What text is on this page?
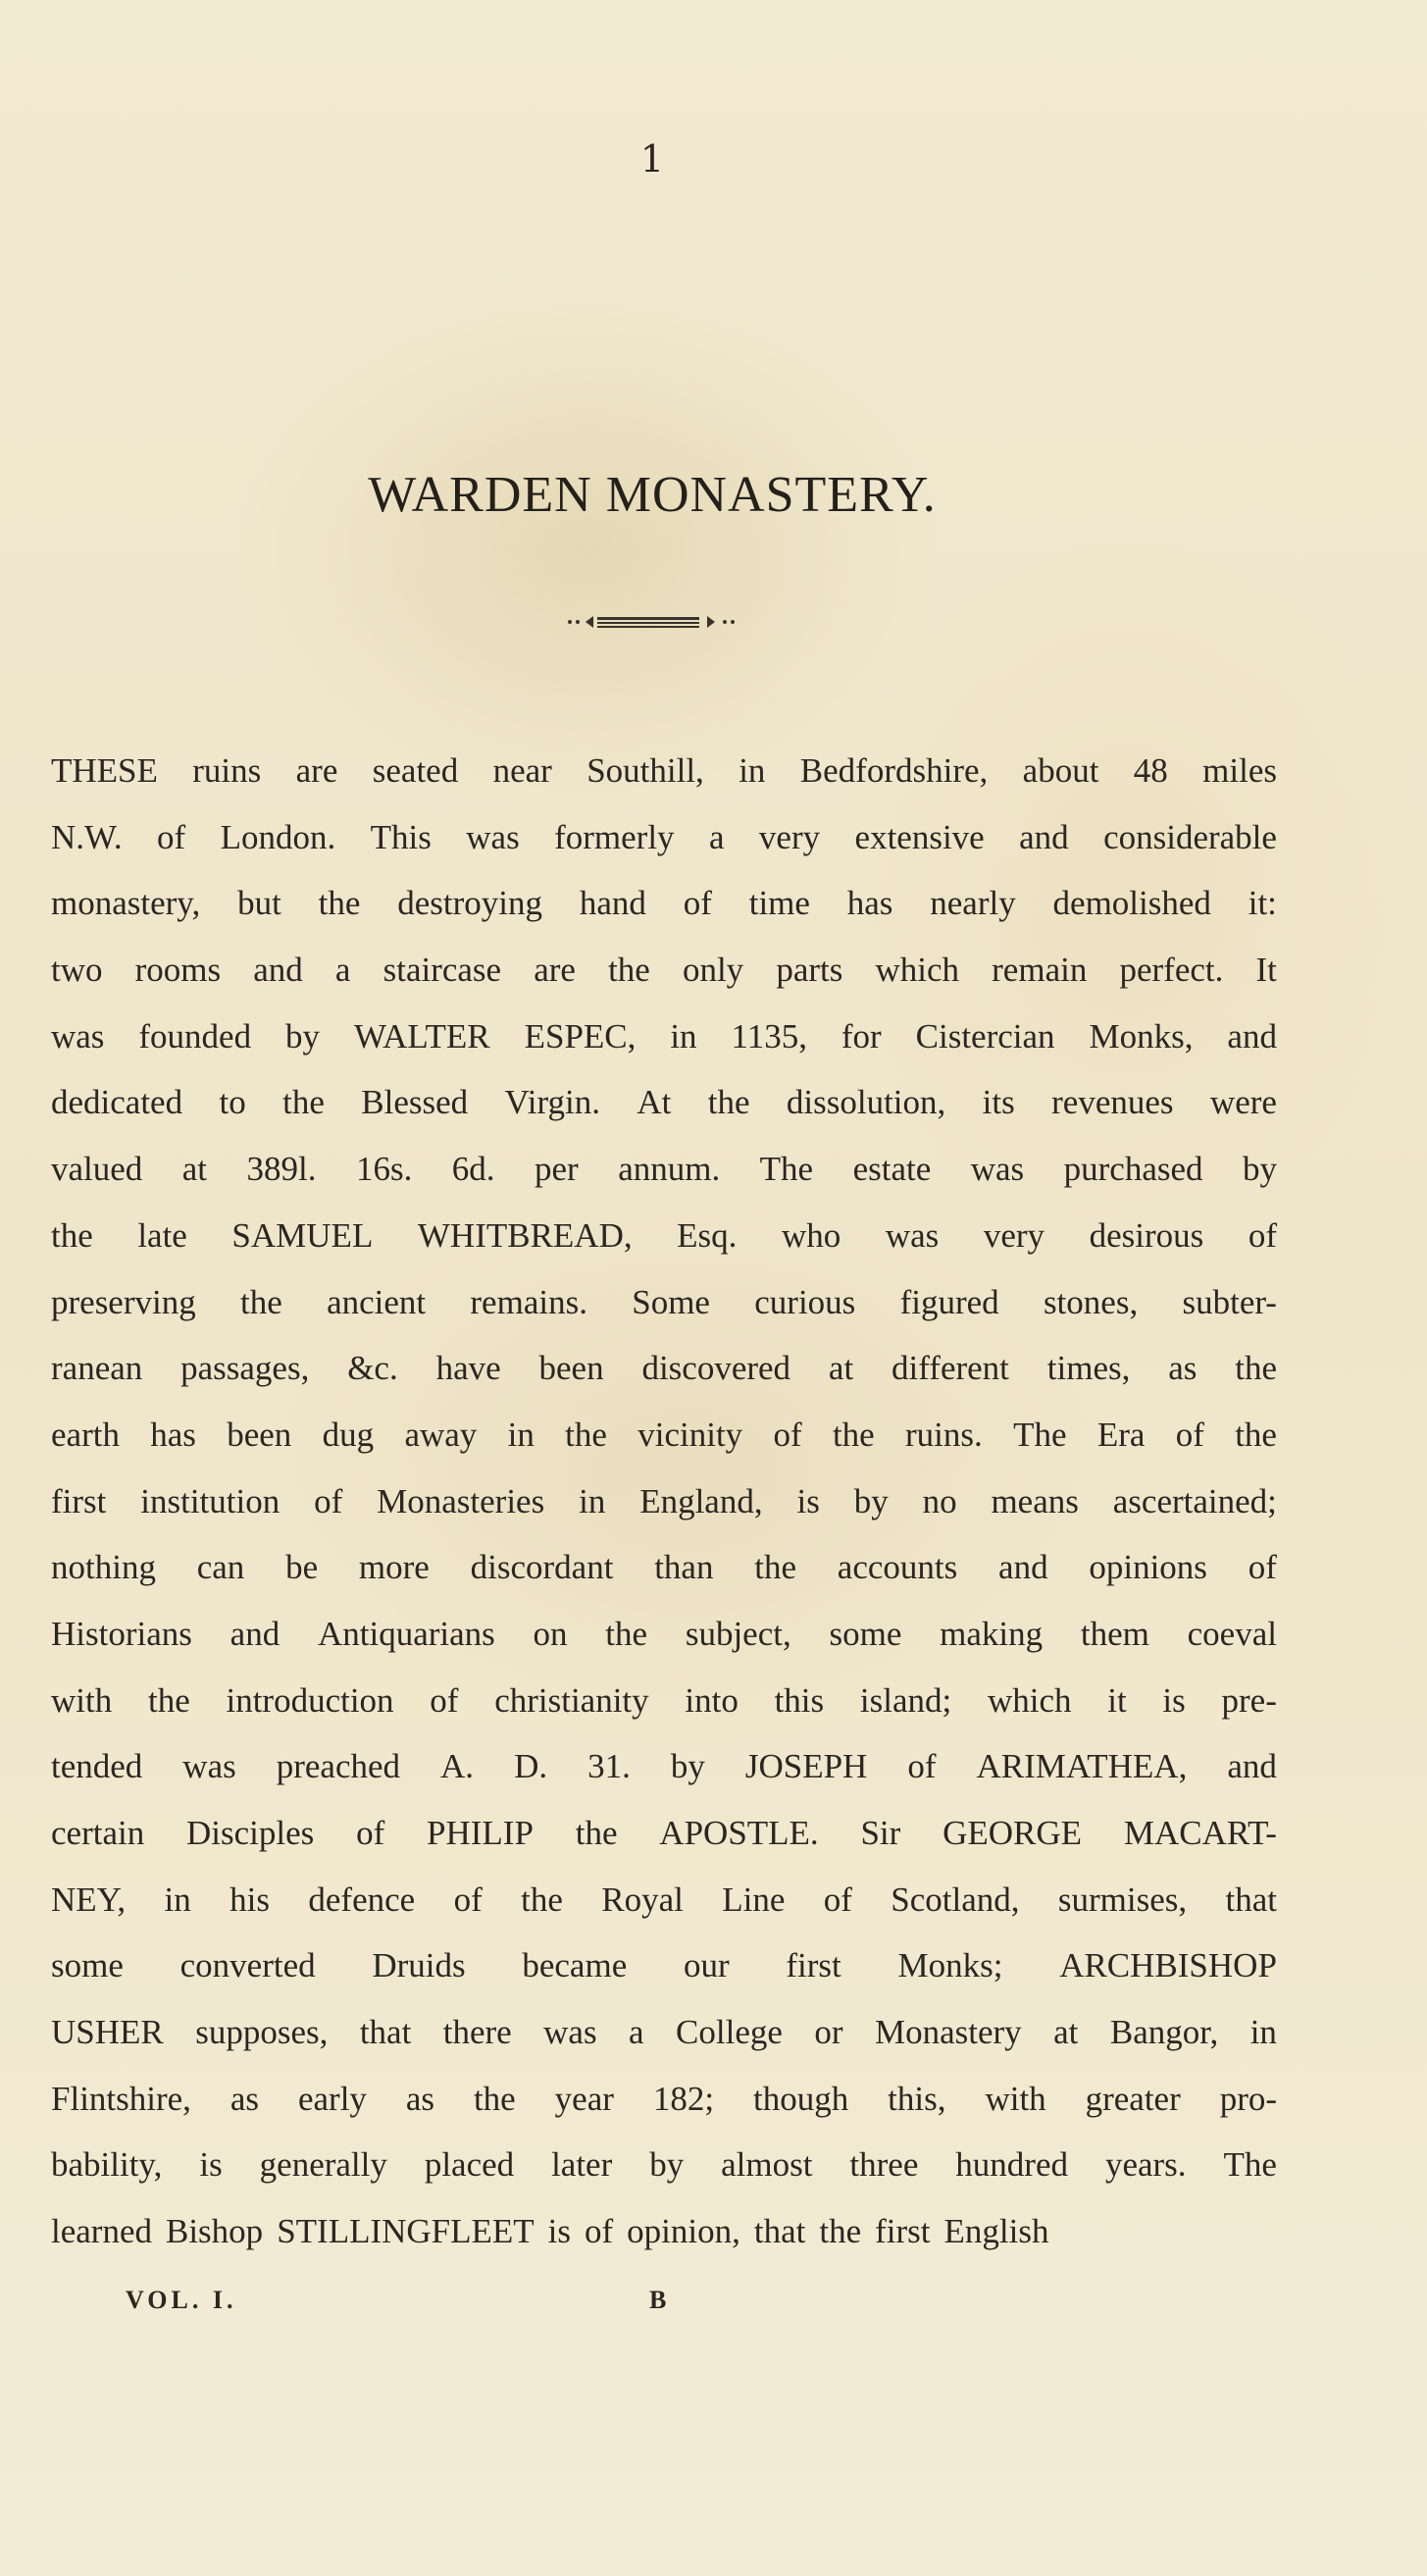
1
WARDEN MONASTERY.
THESE ruins are seated near Southill, in Bedfordshire, about 48 miles
N.W. of London. This was formerly a very extensive and considerable
monastery, but the destroying hand of time has nearly demolished it:
two rooms and a staircase are the only parts which remain perfect. It
was founded by WALTER ESPEC, in 1135, for Cistercian Monks, and
dedicated to the Blessed Virgin. At the dissolution, its revenues were
valued at 389l. 16s. 6d. per annum. The estate was purchased by
the late SAMUEL WHITBREAD, Esq. who was very desirous of
preserving the ancient remains. Some curious figured stones, subter-
ranean passages, &c. have been discovered at different times, as the
earth has been dug away in the vicinity of the ruins. The Era of the
first institution of Monasteries in England, is by no means ascertained;
nothing can be more discordant than the accounts and opinions of
Historians and Antiquarians on the subject, some making them coeval
with the introduction of christianity into this island; which it is pre-
tended was preached A. D. 31. by JOSEPH of ARIMATHEA, and
certain Disciples of PHILIP the APOSTLE. Sir GEORGE MACART-
NEY, in his defence of the Royal Line of Scotland, surmises, that
some converted Druids became our first Monks; ARCHBISHOP
USHER supposes, that there was a College or Monastery at Bangor, in
Flintshire, as early as the year 182; though this, with greater pro-
bability, is generally placed later by almost three hundred years. The
learned Bishop STILLINGFLEET is of opinion, that the first English
VOL. I.	B
